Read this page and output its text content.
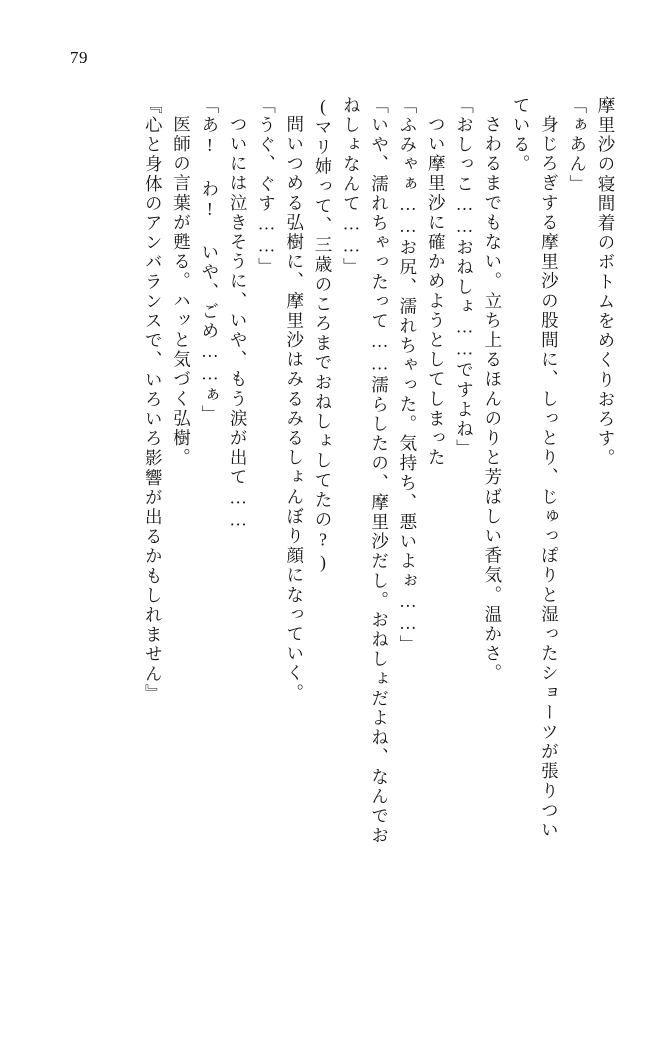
79
摩里沙の寝間着のボトムをめくりおろす。
「ぁあん」
身じろぎする摩里沙の股間に、しっとり、じゅっぽりと湿ったショーツが張りつい
ている。
さわるまでもない。立ち上るほんのりと芳ばしい香気。温かさ。
「おしっこ……おねしょ……ですよね」
つい摩里沙に確かめようとしてしまった
「ふみゃぁ……お尻、濡れちゃった。気持ち、悪いよぉ……」
「いや、濡れちゃったって……濡らしたの、摩里沙だし。おねしょだよね、なんでお
ねしょなんて……」
(マリ姉って、三歳のころまでおねしょしてたの?)
問いつめる弘樹に、摩里沙はみるみるしょんぼり顔になっていく。
「うぐ、ぐす……」
ついには泣きそうに、いや、もう涙が出て……
「あ! わ! いや、ごめ……ぁ」
医師の言葉が甦る。ハッと気づく弘樹。
『心と身体のアンバランスで、いろいろ影響が出るかもしれません』
